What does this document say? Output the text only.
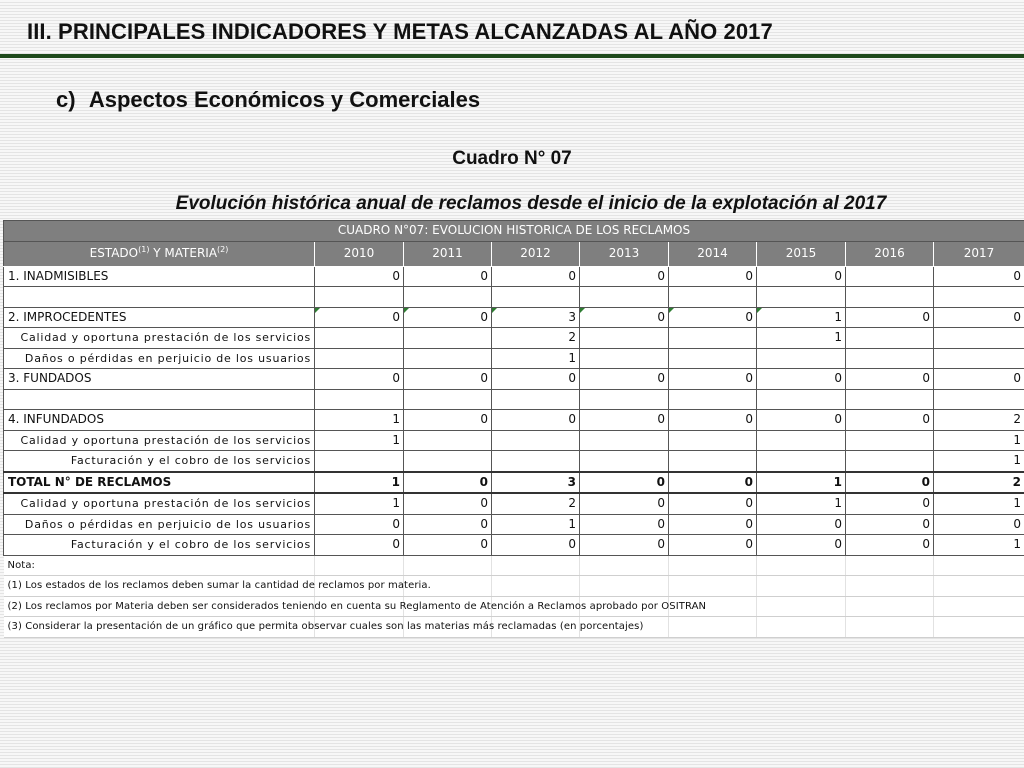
III. PRINCIPALES INDICADORES Y METAS ALCANZADAS AL AÑO 2017
c) Aspectos Económicos y Comerciales
Cuadro N° 07
Evolución histórica anual de reclamos desde el inicio de la explotación al 2017
CUADRO N°07: EVOLUCION HISTORICA DE LOS RECLAMOS								
ESTADO$^{(1)}$ Y MATERIA$^{(2)}$	2010	2011	2012	2013	2014	2015	2016	2017
1. INADMISIBLES	0	0	0	0	0	0		0

2. IMPROCEDENTES	0	0	3	0	0	1	0	0
Calidad y oportuna prestación de los servicios			2			1		
Daños o pérdidas en perjuicio de los usuarios			1					
3. FUNDADOS	0	0	0	0	0	0	0	0

4. INFUNDADOS	1	0	0	0	0	0	0	2
Calidad y oportuna prestación de los servicios	1							1
Facturación y el cobro de los servicios								1
TOTAL N° DE RECLAMOS	1	0	3	0	0	1	0	2
Calidad y oportuna prestación de los servicios	1	0	2	0	0	1	0	1
Daños o pérdidas en perjuicio de los usuarios	0	0	1	0	0	0	0	0
Facturación y el cobro de los servicios	0	0	0	0	0	0	0	1
Nota:								
(1) Los estados de los reclamos deben sumar la cantidad de reclamos por materia.								
(2) Los reclamos por Materia deben ser considerados teniendo en cuenta su Reglamento de Atención a Reclamos aprobado por OSITRAN								
(3) Considerar la presentación de un gráfico que permita observar cuales son las materias más reclamadas (en porcentajes)								
